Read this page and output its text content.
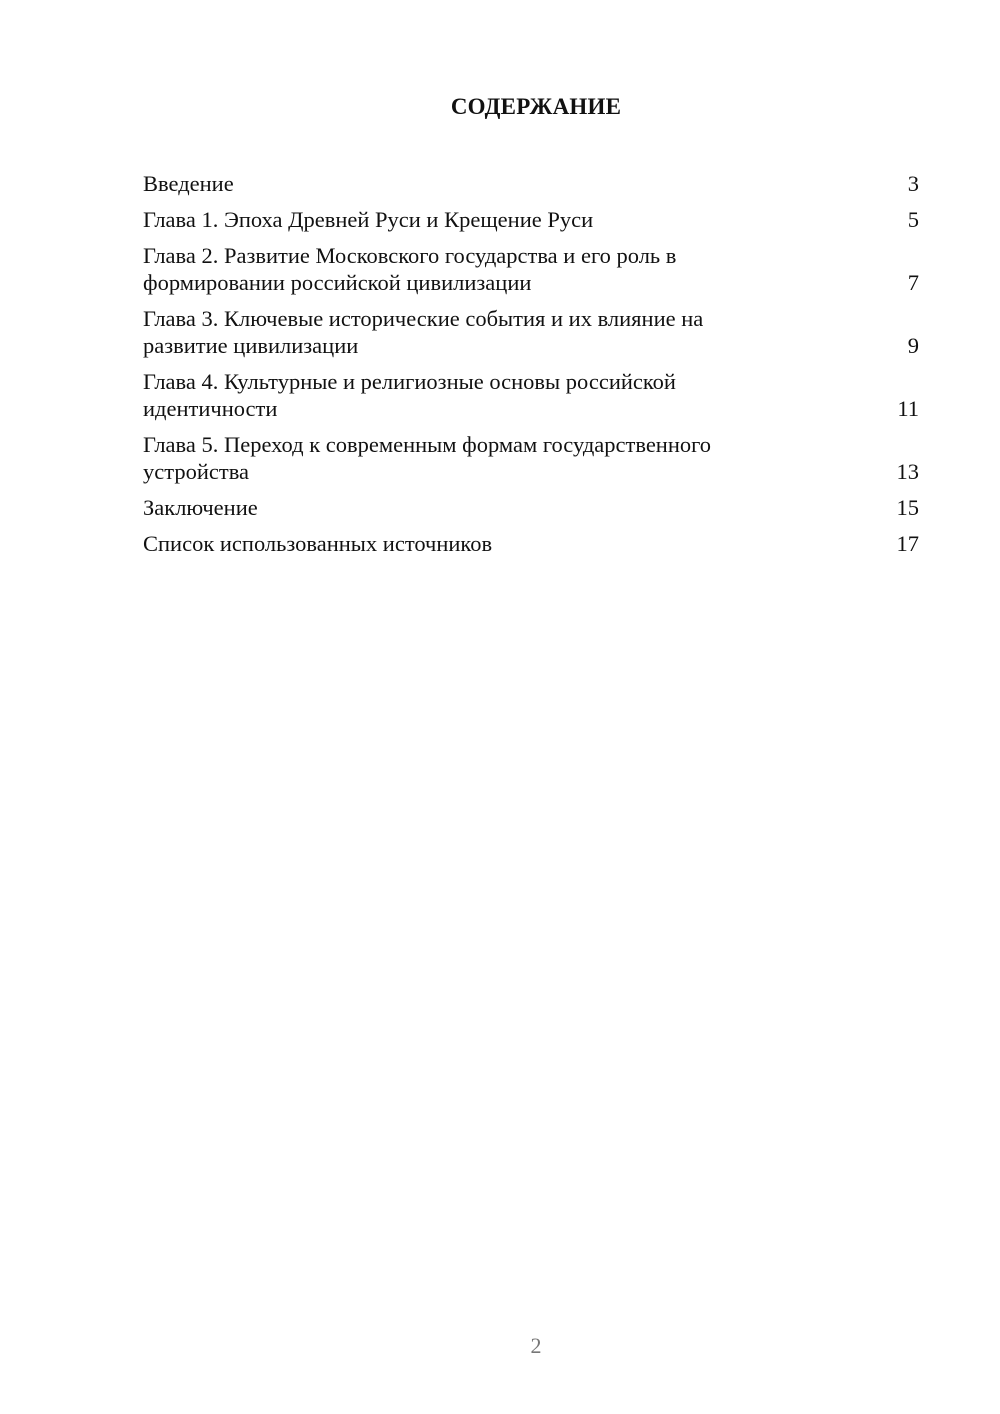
СОДЕРЖАНИЕ
Введение	3
Глава 1. Эпоха Древней Руси и Крещение Руси	5
Глава 2. Развитие Московского государства и его роль в
формировании российской цивилизации	7
Глава 3. Ключевые исторические события и их влияние на
развитие цивилизации	9
Глава 4. Культурные и религиозные основы российской
идентичности	11
Глава 5. Переход к современным формам государственного
устройства	13
Заключение	15
Список использованных источников	17
2
